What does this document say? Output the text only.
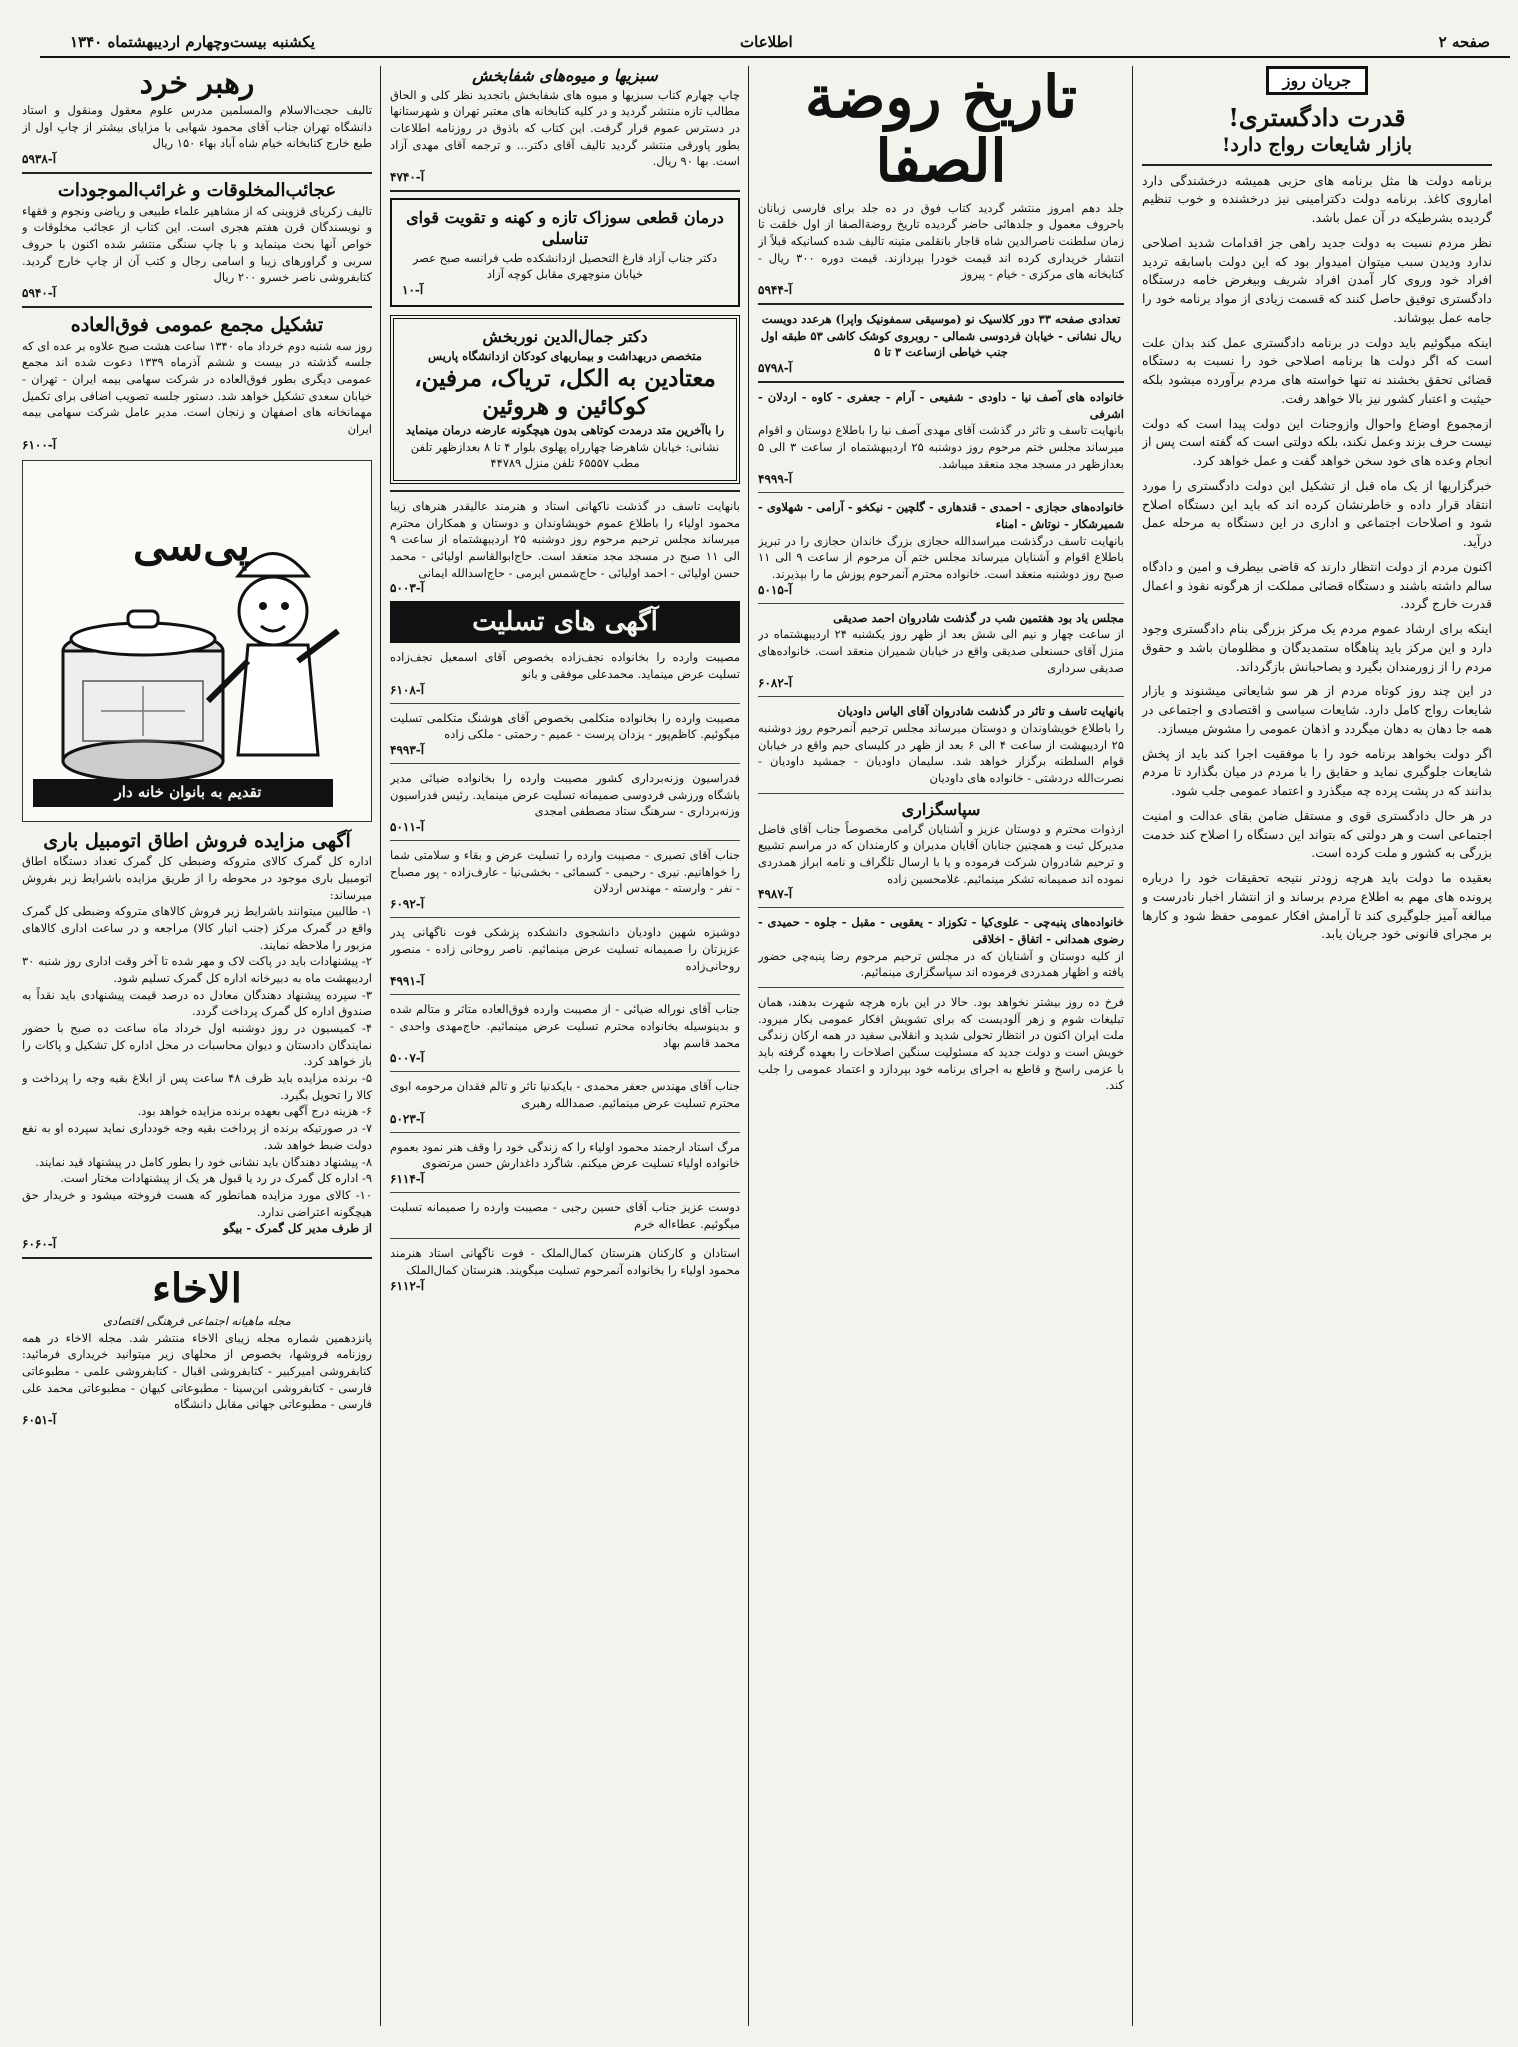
صفحه ۲
اطلاعات
یکشنبه بیست‌وچهارم اردیبهشتماه ۱۳۴۰
جریان روز
قدرت دادگستری!
بازار شایعات رواج دارد!

برنامه دولت ها مثل برنامه های حزبی همیشه درخشندگی دارد اماروی کاغذ. برنامه دولت دکترامینی نیز درخشنده و خوب تنظیم گردیده بشرطیکه در آن عمل باشد.

نظر مردم نسبت به دولت جدید راهی جز اقدامات شدید اصلاحی ندارد ودیدن سبب میتوان امیدوار بود که این دولت باسابقه تردید افراد خود وروی کار آمدن افراد شریف وبیغرض خامه درستگاه دادگستری توفیق حاصل کنند که قسمت زیادی از مواد برنامه خود را جامه عمل بپوشاند.

اینکه میگوئیم باید دولت در برنامه دادگستری عمل کند بدان علت است که اگر دولت ها برنامه اصلاحی خود را نسبت به دستگاه قضائی تحقق بخشند نه تنها خواسته های مردم برآورده میشود بلکه حیثیت و اعتبار کشور نیز بالا خواهد رفت.

ازمجموع اوضاع واحوال وازوجنات این دولت پیدا است که دولت نیست حرف بزند وعمل نکند، بلکه دولتی است که گفته است پس از انجام وعده های خود سخن خواهد گفت و عمل خواهد کرد.

خبرگزاریها از یک ماه قبل از تشکیل این دولت دادگستری را مورد انتقاد قرار داده و خاطرنشان کرده اند که باید این دستگاه اصلاح شود و اصلاحات اجتماعی و اداری در این دستگاه به مرحله عمل درآید.

اکنون مردم از دولت انتظار دارند که قاضی بیطرف و امین و دادگاه سالم داشته باشند و دستگاه قضائی مملکت از هرگونه نفوذ و اعمال قدرت خارج گردد.

اینکه برای ارشاد عموم مردم یک مرکز بزرگی بنام دادگستری وجود دارد و این مرکز باید پناهگاه ستمدیدگان و مظلومان باشد و حقوق مردم را از زورمندان بگیرد و بصاحبانش بازگرداند.

در این چند روز کوتاه مردم از هر سو شایعاتی میشنوند و بازار شایعات رواج کامل دارد. شایعات سیاسی و اقتصادی و اجتماعی در همه جا دهان به دهان میگردد و اذهان عمومی را مشوش میسازد.

اگر دولت بخواهد برنامه خود را با موفقیت اجرا کند باید از پخش شایعات جلوگیری نماید و حقایق را با مردم در میان بگذارد تا مردم بدانند که در پشت پرده چه میگذرد و اعتماد عمومی جلب شود.

در هر حال دادگستری قوی و مستقل ضامن بقای عدالت و امنیت اجتماعی است و هر دولتی که بتواند این دستگاه را اصلاح کند خدمت بزرگی به کشور و ملت کرده است.

بعقیده ما دولت باید هرچه زودتر نتیجه تحقیقات خود را درباره پرونده های مهم به اطلاع مردم برساند و از انتشار اخبار نادرست و مبالغه آمیز جلوگیری کند تا آرامش افکار عمومی حفظ شود و کارها بر مجرای قانونی خود جریان یابد.

تاریخ روضة الصفا
جلد دهم امروز منتشر گردید کتاب فوق در ده جلد برای فارسی زبانان باحروف معمول و جلدهائی حاضر گردیده تاریخ روضة‌الصفا از اول خلقت تا زمان سلطنت ناصرالدین شاه قاجار بانقلمی متینه تالیف شده کسانیکه قبلاً از انتشار خریداری کرده اند قیمت خودرا بپردازند. قیمت دوره ۳۰۰ ریال - کتابخانه های مرکزی - خیام - پیروز
آ-۵۹۴۴
تعدادی صفحه ۳۳ دور کلاسیک نو (موسیقی سمفونیک واپرا) هرعدد دویست ریال نشانی - خیابان فردوسی شمالی - روبروی کوشک کاشی ۵۳ طبقه اول جنب خیاطی ازساعت ۳ تا ۵
آ-۵۷۹۸
خانواده های آصف نیا - داودی - شفیعی - آرام - جعفری - کاوه - اردلان - اشرفی
بانهایت تاسف و تاثر در گذشت آقای مهدی آصف نیا را باطلاع دوستان و اقوام میرساند مجلس ختم مرحوم روز دوشنبه ۲۵ اردیبهشتماه از ساعت ۳ الی ۵ بعدازظهر در مسجد مجد منعقد میباشد.
آ-۴۹۹۹
خانواده‌های حجازی - احمدی - قندهاری - گلچین - نیکخو - آرامی - شهلاوی - شمیرشکار - نوتاش - امناء
بانهایت تاسف درگذشت میراسدالله حجازی بزرگ خاندان حجازی را در تبریز باطلاع اقوام و آشنایان میرساند مجلس ختم آن مرحوم از ساعت ۹ الی ۱۱ صبح روز دوشنبه منعقد است. خانواده محترم آنمرحوم پوزش ما را بپذیرند.
آ-۵۰۱۵
مجلس یاد بود هفتمین شب در گذشت شادروان احمد صدیقی
از ساعت چهار و نیم الی شش بعد از ظهر روز یکشنبه ۲۴ اردیبهشتماه در منزل آقای حسنعلی صدیقی واقع در خیابان شمیران منعقد است. خانواده‌های صدیقی سرداری
آ-۶۰۸۲
بانهایت تاسف و تاثر در گذشت شادروان آقای الیاس داودیان
را باطلاع خویشاوندان و دوستان میرساند مجلس ترحیم آنمرحوم روز دوشنبه ۲۵ اردیبهشت از ساعت ۴ الی ۶ بعد از ظهر در کلیسای حیم واقع در خیابان قوام السلطنه برگزار خواهد شد. سلیمان داودیان - جمشید داودیان - نصرت‌الله دردشتی - خانواده های داودیان
سپاسگزاری
ازذوات محترم و دوستان عزیز و آشنایان گرامی مخصوصاً جناب آقای فاضل مدیرکل ثبت و همچنین جنابان آقایان مدیران و کارمندان که در مراسم تشییع و ترحیم شادروان شرکت فرموده و یا با ارسال تلگراف و نامه ابراز همدردی نموده اند صمیمانه تشکر مینمائیم. غلامحسین زاده
آ-۴۹۸۷
خانواده‌های پنبه‌چی - علوی‌کیا - تکوزاد - یعقوبی - مقبل - جلوه - حمیدی - رضوی همدانی - اتفاق - اخلاقی
از کلیه دوستان و آشنایان که در مجلس ترحیم مرحوم رضا پنبه‌چی حضور یافته و اظهار همدردی فرموده اند سپاسگزاری مینمائیم.
فرخ ده روز بیشتر نخواهد بود. حالا در این باره هرچه شهرت بدهند، همان تبلیغات شوم و زهر آلودیست که برای تشویش افکار عمومی بکار میرود. ملت ایران اکنون در انتظار تحولی شدید و انقلابی سفید در همه ارکان زندگی خویش است و دولت جدید که مسئولیت سنگین اصلاحات را بعهده گرفته باید با عزمی راسخ و قاطع به اجرای برنامه خود بپردازد و اعتماد عمومی را جلب کند.
سبزیها و میوه‌های شفابخش
چاپ چهارم کتاب سبزیها و میوه های شفابخش باتجدید نظر کلی و الحاق مطالب تازه منتشر گردید و در کلیه کتابخانه های معتبر تهران و شهرستانها در دسترس عموم قرار گرفت. این کتاب که باذوق در روزنامه اطلاعات بطور پاورقی منتشر گردید تالیف آقای دکتر... و ترجمه آقای مهدی آزاد است. بها ۹۰ ریال.
آ-۴۷۴۰
درمان قطعی سوزاک تازه و کهنه و تقویت قوای تناسلی
دکتر جناب آزاد فارغ التحصیل ازدانشکده طب فرانسه صبح عصر خیابان منوچهری مقابل کوچه آزاد
آ-۱۰
دکتر جمال‌الدین نوربخش
متخصص دربهداشت و بیماریهای کودکان ازدانشگاه پاریس
معتادین به الکل، تریاک، مرفین، کوکائین و هروئین
را باآخرین متد درمدت کوتاهی بدون هیچگونه عارضه درمان مینماید
نشانی: خیابان شاهرضا چهارراه پهلوی بلوار ۴ تا ۸ بعدازظهر تلفن مطب ۶۵۵۵۷ تلفن منزل ۴۴۷۸۹
بانهایت تاسف در گذشت ناکهانی استاد و هنرمند عالیقدر هنرهای زیبا محمود اولیاء را باطلاع عموم خویشاوندان و دوستان و همکاران محترم میرساند مجلس ترحیم مرحوم روز دوشنبه ۲۵ اردیبهشتماه از ساعت ۹ الی ۱۱ صبح در مسجد مجد منعقد است. حاج‌ابوالقاسم اولیائی - محمد حسن اولیائی - احمد اولیائی - حاج‌شمس ایرمی - حاج‌اسدالله ایمانی
آ-۵۰۰۳
آگهی های تسلیت
مصیبت وارده را بخانواده نجف‌زاده بخصوص آقای اسمعیل نجف‌زاده تسلیت عرض مینماید. محمدعلی موفقی و بانو
آ-۶۱۰۸
مصیبت وارده را بخانواده متکلمی بخصوص آقای هوشنگ متکلمی تسلیت میگوئیم. کاظم‌پور - یزدان پرست - عمیم - رحمتی - ملکی زاده
آ-۴۹۹۳
فدراسیون وزنه‌برداری کشور مصیبت وارده را بخانواده ضیائی مدیر باشگاه ورزشی فردوسی صمیمانه تسلیت عرض مینماید. رئیس فدراسیون وزنه‌برداری - سرهنگ ستاد مصطفی امجدی
آ-۵۰۱۱
جناب آقای تصیری - مصیبت وارده را تسلیت عرض و بقاء و سلامتی شما را خواهانیم. نیری - رحیمی - کسمائی - بخشی‌نیا - عارف‌زاده - پور مصباح - نفر - وارسته - مهندس اردلان
آ-۶۰۹۲
دوشیزه شهین داودیان دانشجوی دانشکده پزشکی فوت ناگهانی پدر عزیزتان را صمیمانه تسلیت عرض مینمائیم. ناصر روحانی زاده - منصور روحانی‌زاده
آ-۴۹۹۱
جناب آقای نوراله ضیائی - از مصیبت وارده فوق‌العاده متاثر و متالم شده و بدینوسیله بخانواده محترم تسلیت عرض مینمائیم. حاج‌مهدی واحدی - محمد قاسم بهاد
آ-۵۰۰۷
جناب آقای مهندس جعفر محمدی - بایکدنیا تاثر و تالم فقدان مرحومه ابوی محترم تسلیت عرض مینمائیم. صمدالله رهبری
آ-۵۰۲۳
مرگ استاد ارجمند محمود اولیاء را که زندگی خود را وقف هنر نمود بعموم خانواده اولیاء تسلیت عرض میکنم. شاگرد داغدارش حسن مرتضوی
آ-۶۱۱۴
دوست عزیز جناب آقای حسین رجبی - مصیبت وارده را صمیمانه تسلیت میگوئیم. عطاءاله خرم
استادان و کارکنان هنرستان کمال‌الملک - فوت ناگهانی استاد هنرمند محمود اولیاء را بخانواده آنمرحوم تسلیت میگویند. هنرستان کمال‌الملک
آ-۶۱۱۲
رهبر خرد
تالیف حجت‌الاسلام والمسلمین مدرس علوم معقول ومنقول و استاد دانشگاه تهران جناب آقای محمود شهابی با مزایای بیشتر از چاپ اول از طبع خارج کتابخانه خیام شاه آباد بهاء ۱۵۰ ریال
آ-۵۹۳۸
عجائب‌المخلوقات و غرائب‌الموجودات
تالیف زکریای قزوینی که از مشاهیر علماء طبیعی و ریاضی ونجوم و فقهاء و نویسندگان قرن هفتم هجری است. این کتاب از عجائب مخلوقات و خواص آنها بحث مینماید و با چاپ سنگی منتشر شده اکنون با حروف سربی و گراورهای زیبا و اسامی رجال و کتب آن از چاپ خارج گردید. کتابفروشی ناصر خسرو ۲۰۰ ریال
آ-۵۹۴۰
تشکیل مجمع عمومی فوق‌العاده
روز سه شنبه دوم خرداد ماه ۱۳۴۰ ساعت هشت صبح علاوه بر عده ای که جلسه گذشته در بیست و ششم آذرماه ۱۳۳۹ دعوت شده اند مجمع عمومی دیگری بطور فوق‌العاده در شرکت سهامی بیمه ایران - تهران - خیابان سعدی تشکیل خواهد شد. دستور جلسه تصویب اضافی برای تکمیل مهمانخانه های اصفهان و زنجان است. مدیر عامل شرکت سهامی بیمه ایران
آ-۶۱۰۰
پی‌سی
تقدیم به بانوان خانه دار
آگهی مزایده فروش اطاق اتومبیل باری
اداره کل گمرک کالای متروکه وضبطی کل گمرک تعداد دستگاه اطاق اتومبیل باری موجود در محوطه را از طریق مزایده باشرایط زیر بفروش میرساند:
۱- طالبین میتوانند باشرایط زیر فروش کالاهای متروکه وضبطی کل گمرک واقع در گمرک مرکز (جنب انبار کالا) مراجعه و در ساعت اداری کالاهای مزبور را ملاحظه نمایند.
۲- پیشنهادات باید در پاکت لاک و مهر شده تا آخر وقت اداری روز شنبه ۳۰ اردیبهشت ماه به دبیرخانه اداره کل گمرک تسلیم شود.
۳- سپرده پیشنهاد دهندگان معادل ده درصد قیمت پیشنهادی باید نقداً به صندوق اداره کل گمرک پرداخت گردد.
۴- کمیسیون در روز دوشنبه اول خرداد ماه ساعت ده صبح با حضور نمایندگان دادستان و دیوان محاسبات در محل اداره کل تشکیل و پاکات را باز خواهد کرد.
۵- برنده مزایده باید ظرف ۴۸ ساعت پس از ابلاغ بقیه وجه را پرداخت و کالا را تحویل بگیرد.
۶- هزینه درج آگهی بعهده برنده مزایده خواهد بود.
۷- در صورتیکه برنده از پرداخت بقیه وجه خودداری نماید سپرده او به نفع دولت ضبط خواهد شد.
۸- پیشنهاد دهندگان باید نشانی خود را بطور کامل در پیشنهاد قید نمایند.
۹- اداره کل گمرک در رد یا قبول هر یک از پیشنهادات مختار است.
۱۰- کالای مورد مزایده همانطور که هست فروخته میشود و خریدار حق هیچگونه اعتراضی ندارد.
از طرف مدیر کل گمرک - بیگو
آ-۶۰۶۰
الاخاء
مجله ماهیانه اجتماعی فرهنگی اقتصادی
پانزدهمین شماره مجله زیبای الاخاء منتشر شد. مجله الاخاء در همه روزنامه فروشها، بخصوص از محلهای زیر میتوانید خریداری فرمائید: کتابفروشی امیرکبیر - کتابفروشی اقبال - کتابفروشی علمی - مطبوعاتی فارسی - کتابفروشی ابن‌سینا - مطبوعاتی کیهان - مطبوعاتی محمد علی فارسی - مطبوعاتی جهانی مقابل دانشگاه
آ-۶۰۵۱
